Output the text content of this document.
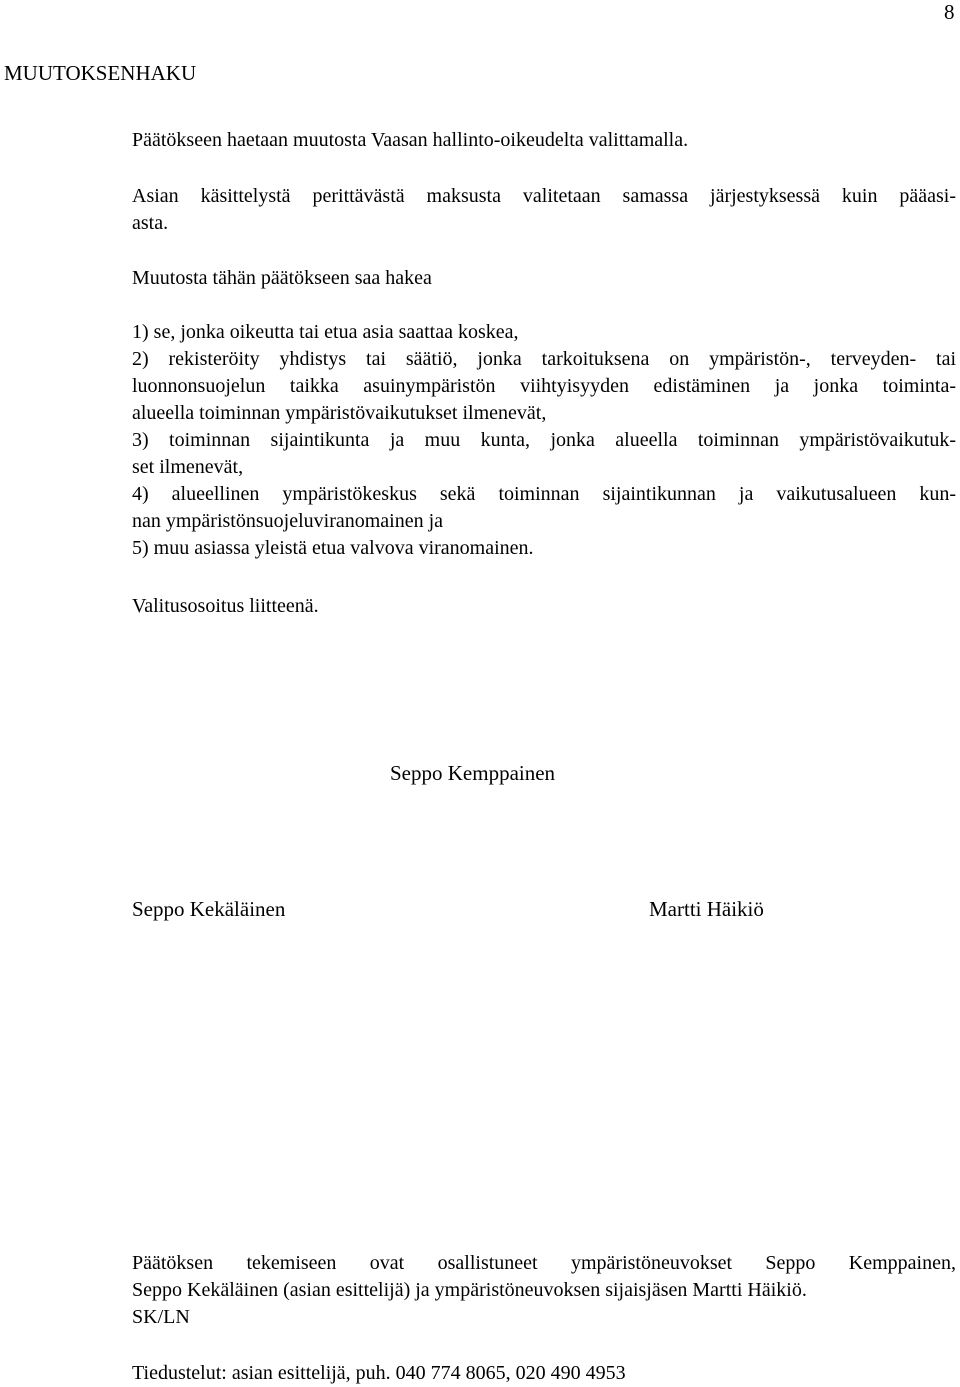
8
MUUTOKSENHAKU
Päätökseen haetaan muutosta Vaasan hallinto-oikeudelta valittamalla.
Asian käsittelystä perittävästä maksusta valitetaan samassa järjestyksessä kuin pääasi-
asta.
Muutosta tähän päätökseen saa hakea
1) se, jonka oikeutta tai etua asia saattaa koskea,
2) rekisteröity yhdistys tai säätiö, jonka tarkoituksena on ympäristön-, terveyden- tai
luonnonsuojelun taikka asuinympäristön viihtyisyyden edistäminen ja jonka toiminta-
alueella toiminnan ympäristövaikutukset ilmenevät,
3) toiminnan sijaintikunta ja muu kunta, jonka alueella toiminnan ympäristövaikutuk-
set ilmenevät,
4) alueellinen ympäristökeskus sekä toiminnan sijaintikunnan ja vaikutusalueen kun-
nan ympäristönsuojeluviranomainen ja
5) muu asiassa yleistä etua valvova viranomainen.
Valitusosoitus liitteenä.
Seppo Kemppainen
Seppo Kekäläinen	Martti Häikiö
Päätöksen tekemiseen ovat osallistuneet ympäristöneuvokset Seppo Kemppainen,
Seppo Kekäläinen (asian esittelijä) ja ympäristöneuvoksen sijaisjäsen Martti Häikiö.
SK/LN
Tiedustelut: asian esittelijä, puh. 040 774 8065, 020 490 4953
